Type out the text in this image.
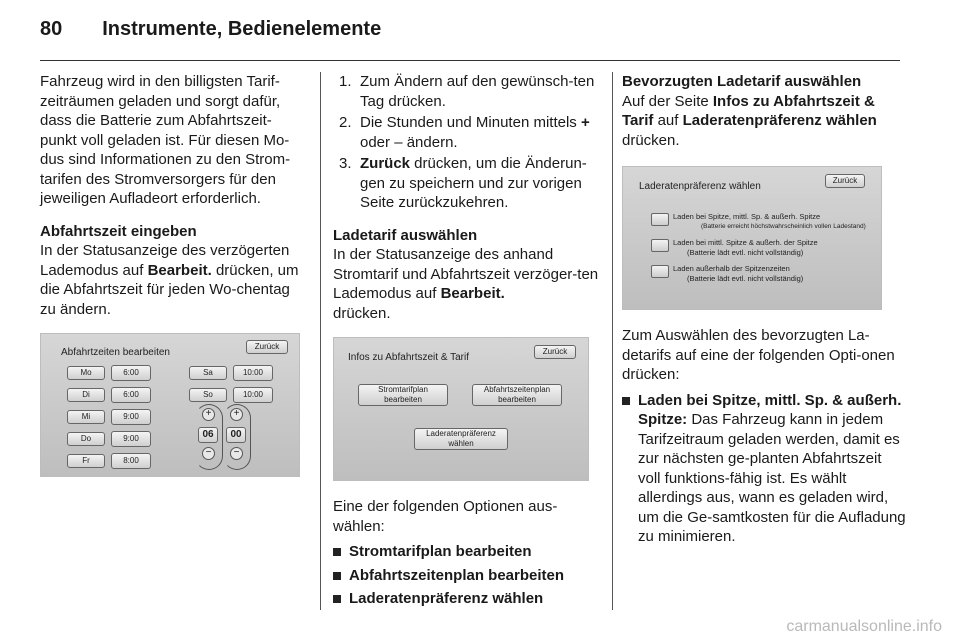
80 Instrumente, Bedienelemente

Fahrzeug wird in den billigsten Tarif-zeiträumen geladen und sorgt dafür, dass die Batterie zum Abfahrtszeit-punkt voll geladen ist. Für diesen Mo-dus sind Informationen zu den Strom-tarifen des Stromversorgers für den jeweiligen Aufladeort erforderlich.

Abfahrtszeit eingeben

In der Statusanzeige des verzögerten Lademodus auf Bearbeit. drücken, um die Abfahrtszeit für jeden Wo-chentag zu ändern.

Abfahrtzeiten bearbeiten
Zurück
Mo	6:00
Di	6:00
Mi	9:00
Do	9:00
Fr	8:00
Sa	10:00
So	10:00
+	+
06	00
−	−
1. Zum Ändern auf den gewünsch-ten Tag drücken.
2. Die Stunden und Minuten mittels + oder – ändern.
3. Zurück drücken, um die Änderun-gen zu speichern und zur vorigen Seite zurückzukehren.

Ladetarif auswählen

In der Statusanzeige des anhand Stromtarif und Abfahrtszeit verzöger-ten Lademodus auf Bearbeit.
drücken.

Infos zu Abfahrtszeit & Tarif
Zurück
Stromtarifplan
bearbeiten
Abfahrtszeitenplan
bearbeiten
Laderatenpräferenz
wählen

Eine der folgenden Optionen aus-wählen:

Stromtarifplan bearbeiten
Abfahrtszeitenplan bearbeiten
Laderatenpräferenz wählen

Bevorzugten Ladetarif auswählen

Auf der Seite Infos zu Abfahrtszeit & Tarif auf Laderatenpräferenz wählen
drücken.

Laderatenpräferenz wählen
Zurück
Laden bei Spitze, mittl. Sp. & außerh. Spitze
(Batterie erreicht höchstwahrscheinlich vollen Ladestand)
Laden bei mittl. Spitze & außerh. der Spitze
(Batterie lädt evtl. nicht vollständig)
Laden außerhalb der Spitzenzeiten
(Batterie lädt evtl. nicht vollständig)

Zum Auswählen des bevorzugten La-detarifs auf eine der folgenden Opti-onen drücken:

Laden bei Spitze, mittl. Sp. & außerh. Spitze: Das Fahrzeug kann in jedem Tarifzeitraum geladen werden, damit es zur nächsten ge-planten Abfahrtszeit voll funktions-fähig ist. Es wählt allerdings aus, wann es geladen wird, um die Ge-samtkosten für die Aufladung zu minimieren.
carmanualsonline.info
